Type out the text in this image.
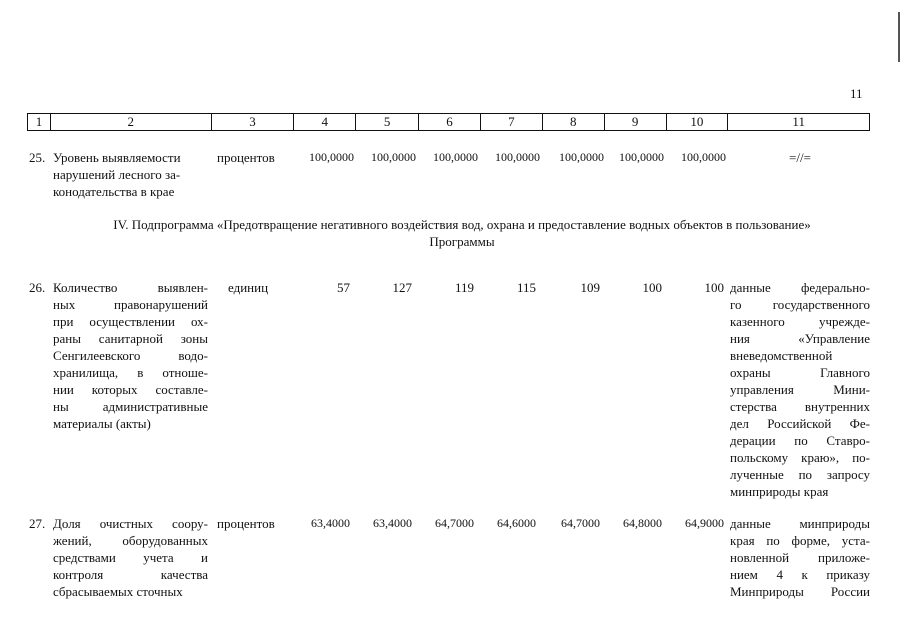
11
1	2	3	4	5	6	7	8	9	10	11
25. Уровень выявляемости
нарушений лесного за-
конодательства в крае
процентов	100,0000	100,0000	100,0000	100,0000	100,0000	100,0000	100,0000	=//=
IV. Подпрограмма «Предотвращение негативного воздействия вод, охрана и предоставление водных объектов в пользование»
Программы
26. Количество выявлен-
ных правонарушений
при осуществлении ох-
раны санитарной зоны
Сенгилеевского водо-
хранилища, в отноше-
нии которых составле-
ны административные
материалы (акты)
единиц	57	127	119	115	109	100	100 данные федерально-
го государственного
казенного учрежде-
ния «Управление
вневедомственной
охраны Главного
управления Мини-
стерства внутренних
дел Российской Фе-
дерации по Ставро-
польскому краю», по-
лученные по запросу
минприроды края
27. Доля очистных соору-
жений, оборудованных
средствами учета и
контроля качества
сбрасываемых сточных
процентов	63,4000	63,4000	64,7000	64,6000	64,7000	64,8000	64,9000 данные минприроды
края по форме, уста-
новленной приложе-
нием 4 к приказу
Минприроды России
